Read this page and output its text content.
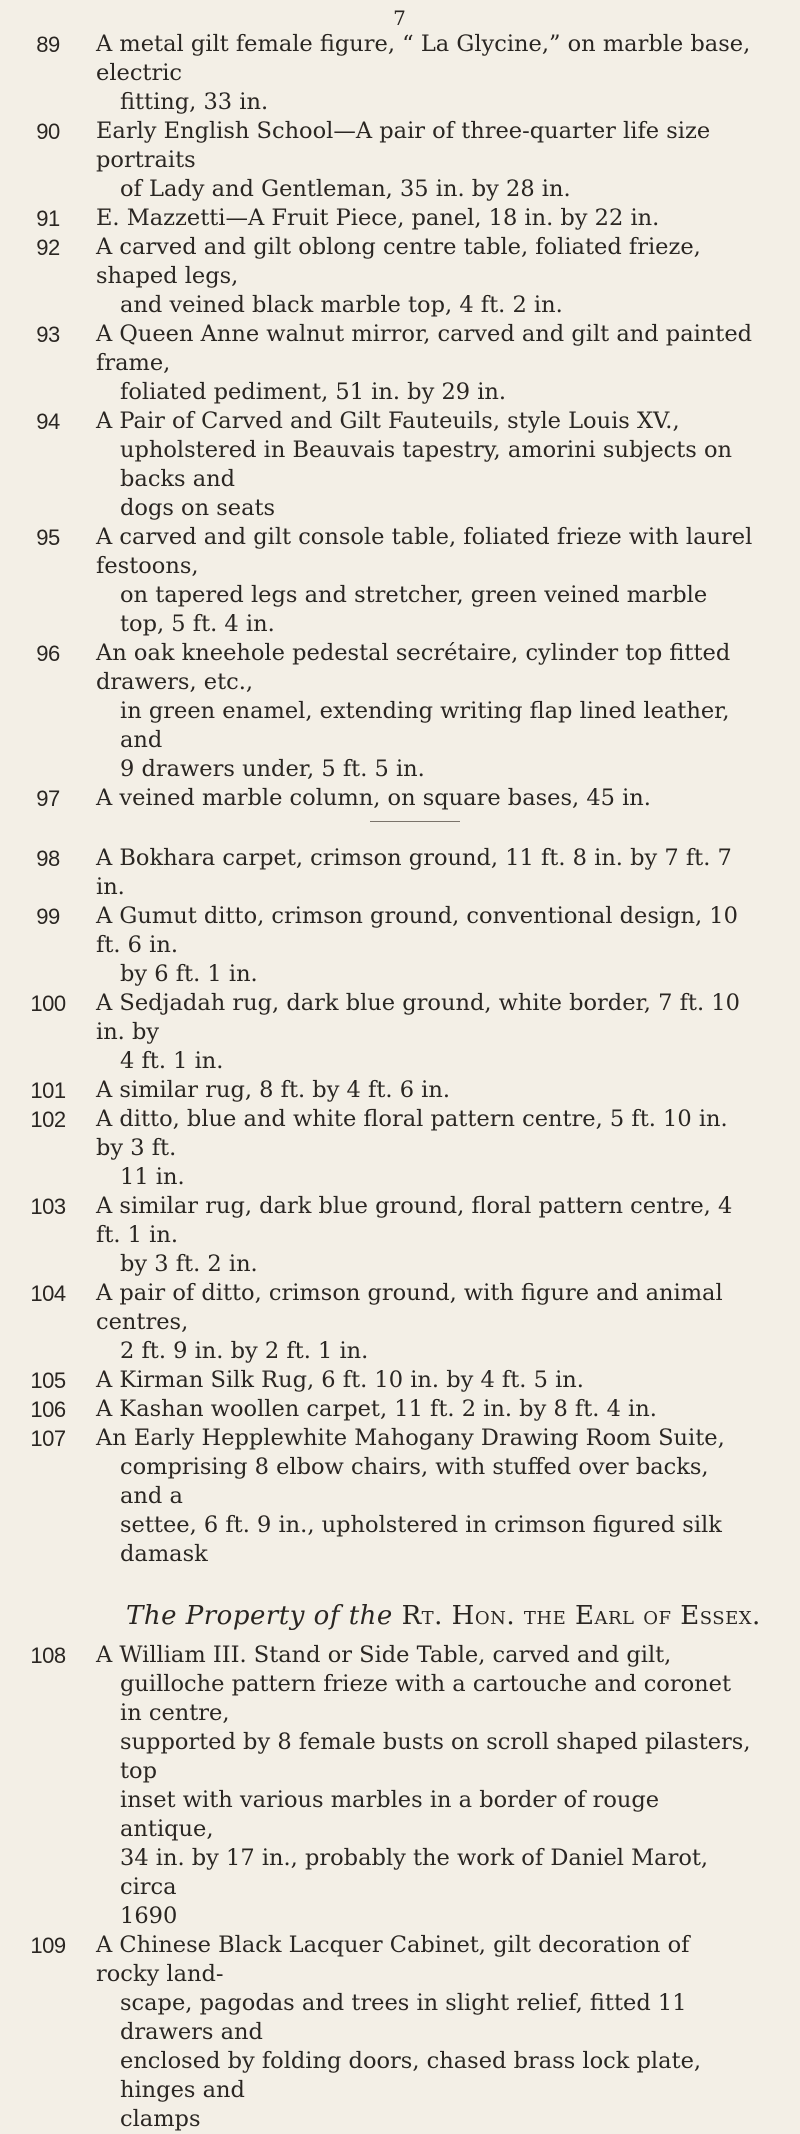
7
89	A metal gilt female figure, “ La Glycine,” on marble base, electric
fitting, 33 in.
90	Early English School—A pair of three-quarter life size portraits
of Lady and Gentleman, 35 in. by 28 in.
91	E. Mazzetti—A Fruit Piece, panel, 18 in. by 22 in.
92	A carved and gilt oblong centre table, foliated frieze, shaped legs,
and veined black marble top, 4 ft. 2 in.
93	A Queen Anne walnut mirror, carved and gilt and painted frame,
foliated pediment, 51 in. by 29 in.
94	A Pair of Carved and Gilt Fauteuils, style Louis XV.,
upholstered in Beauvais tapestry, amorini subjects on backs and
dogs on seats
95	A carved and gilt console table, foliated frieze with laurel festoons,
on tapered legs and stretcher, green veined marble top, 5 ft. 4 in.
96	An oak kneehole pedestal secrétaire, cylinder top fitted drawers, etc.,
in green enamel, extending writing flap lined leather, and
9 drawers under, 5 ft. 5 in.
97	A veined marble column, on square bases, 45 in.
98	A Bokhara carpet, crimson ground, 11 ft. 8 in. by 7 ft. 7 in.
99	A Gumut ditto, crimson ground, conventional design, 10 ft. 6 in.
by 6 ft. 1 in.
100	A Sedjadah rug, dark blue ground, white border, 7 ft. 10 in. by
4 ft. 1 in.
101	A similar rug, 8 ft. by 4 ft. 6 in.
102	A ditto, blue and white floral pattern centre, 5 ft. 10 in. by 3 ft.
11 in.
103	A similar rug, dark blue ground, floral pattern centre, 4 ft. 1 in.
by 3 ft. 2 in.
104	A pair of ditto, crimson ground, with figure and animal centres,
2 ft. 9 in. by 2 ft. 1 in.
105	A Kirman Silk Rug, 6 ft. 10 in. by 4 ft. 5 in.
106	A Kashan woollen carpet, 11 ft. 2 in. by 8 ft. 4 in.
107	An Early Hepplewhite Mahogany Drawing Room Suite,
comprising 8 elbow chairs, with stuffed over backs, and a
settee, 6 ft. 9 in., upholstered in crimson figured silk damask
The Property of the Rt. Hon. the Earl of Essex.
108	A William III. Stand or Side Table, carved and gilt,
guilloche pattern frieze with a cartouche and coronet in centre,
supported by 8 female busts on scroll shaped pilasters, top
inset with various marbles in a border of rouge antique,
34 in. by 17 in., probably the work of Daniel Marot, circa
1690
109	A Chinese Black Lacquer Cabinet, gilt decoration of rocky land-
scape, pagodas and trees in slight relief, fitted 11 drawers and
enclosed by folding doors, chased brass lock plate, hinges and
clamps
